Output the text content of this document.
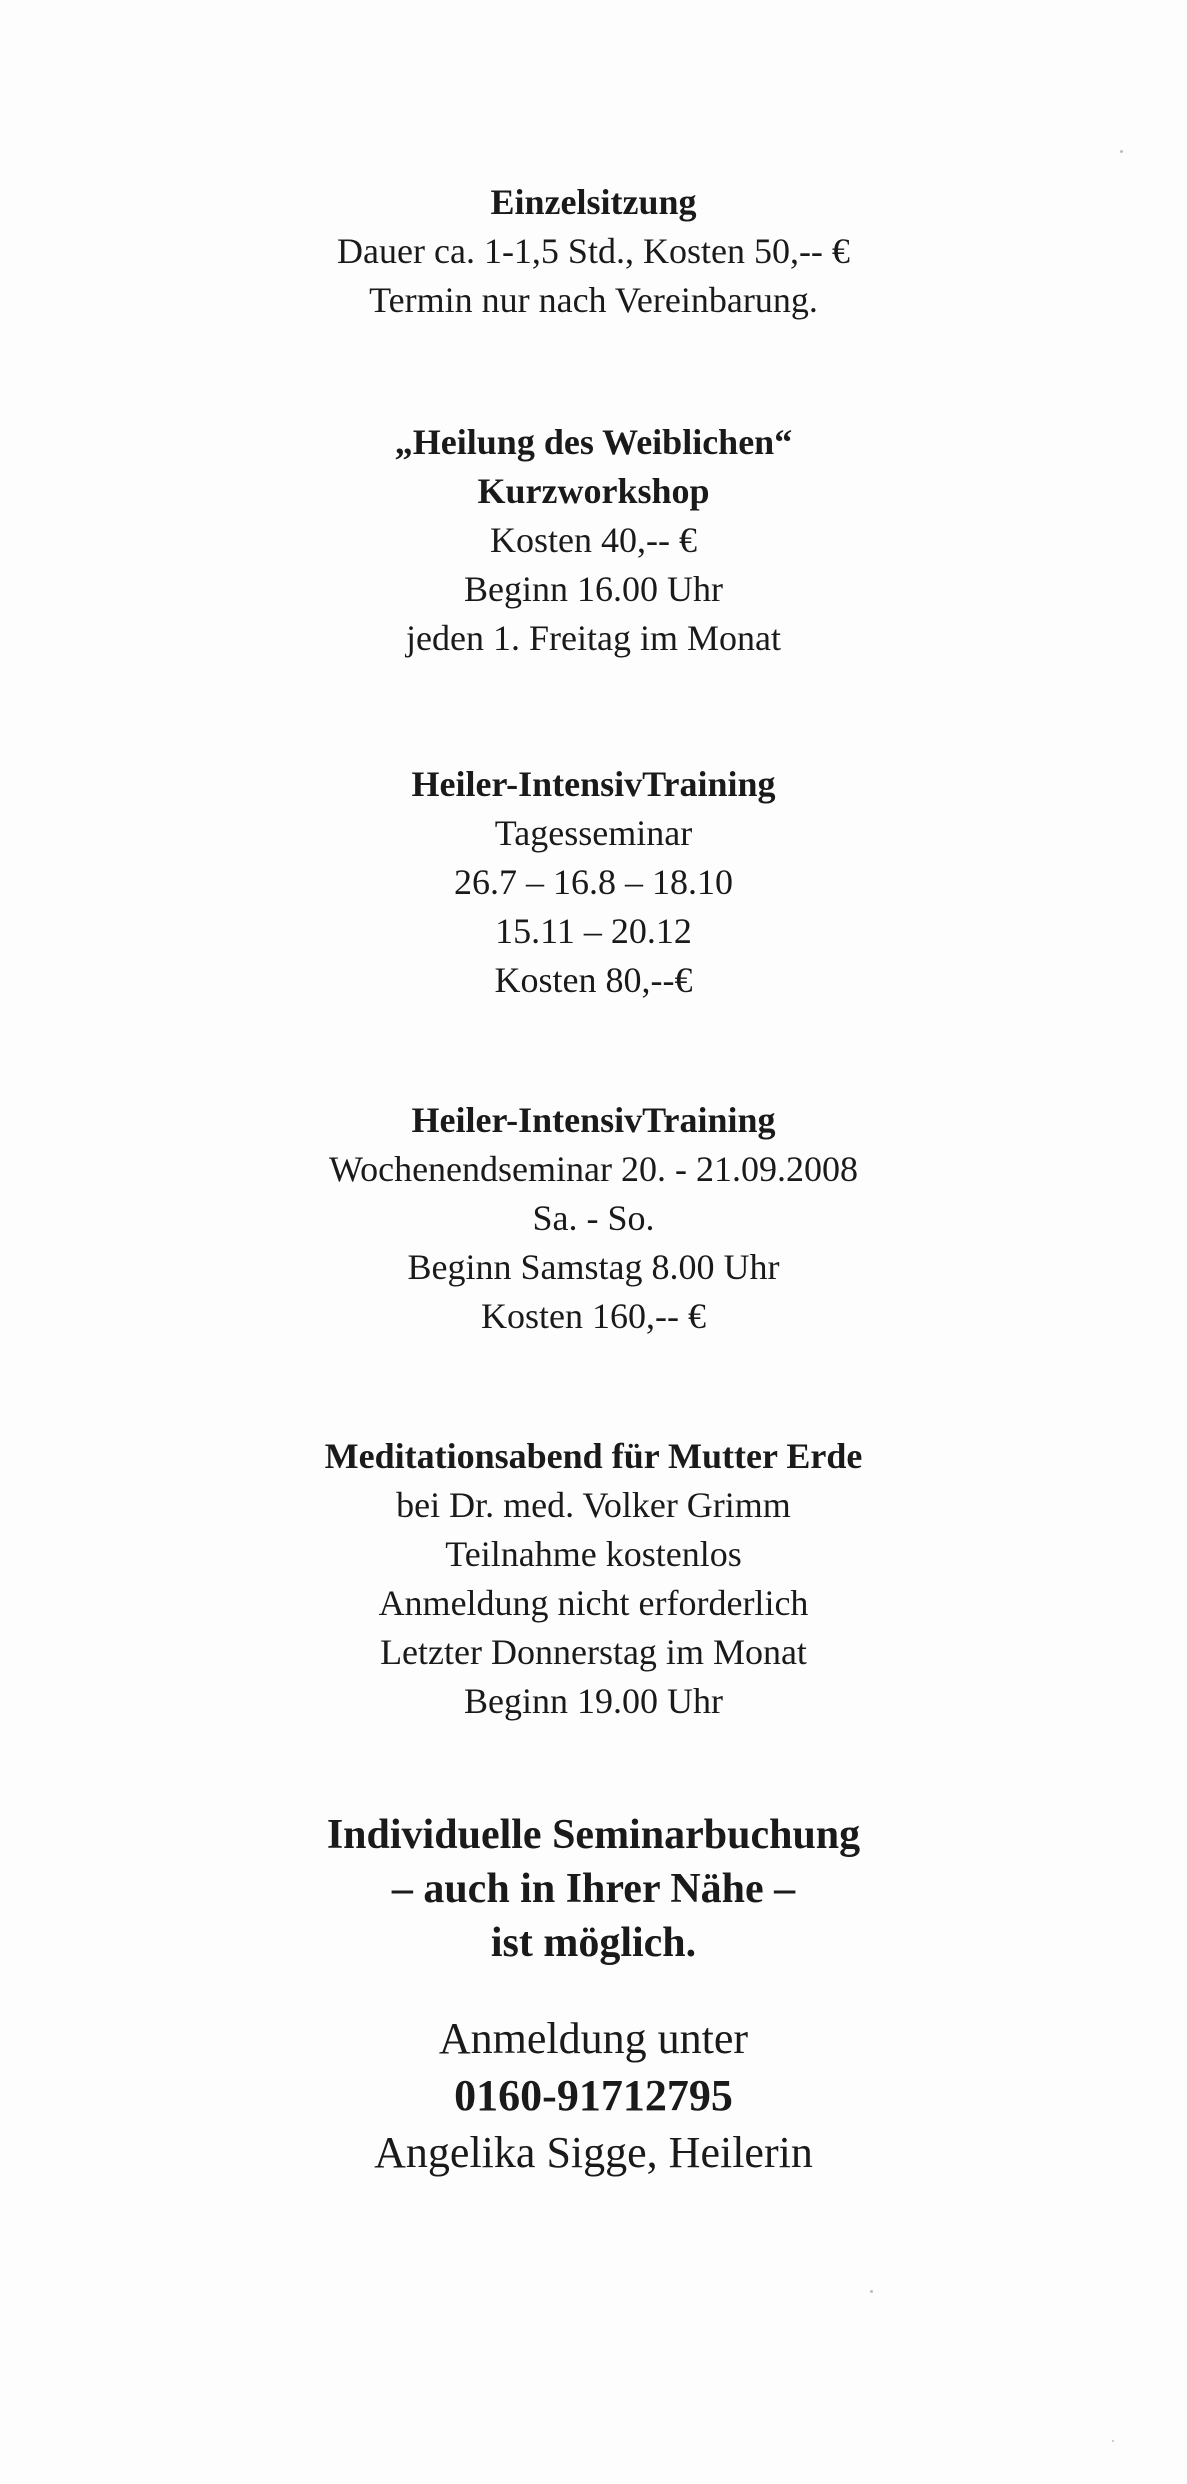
Einzelsitzung
Dauer ca. 1-1,5 Std., Kosten 50,-- €
Termin nur nach Vereinbarung.
„Heilung des Weiblichen“
Kurzworkshop
Kosten 40,-- €
Beginn 16.00 Uhr
jeden 1. Freitag im Monat
Heiler-IntensivTraining
Tagesseminar
26.7 – 16.8 – 18.10
15.11 – 20.12
Kosten 80,--€
Heiler-IntensivTraining
Wochenendseminar 20. - 21.09.2008
Sa. - So.
Beginn Samstag 8.00 Uhr
Kosten 160,-- €
Meditationsabend für Mutter Erde
bei Dr. med. Volker Grimm
Teilnahme kostenlos
Anmeldung nicht erforderlich
Letzter Donnerstag im Monat
Beginn 19.00 Uhr
Individuelle Seminarbuchung
– auch in Ihrer Nähe –
ist möglich.
Anmeldung unter
0160-91712795
Angelika Sigge, Heilerin
